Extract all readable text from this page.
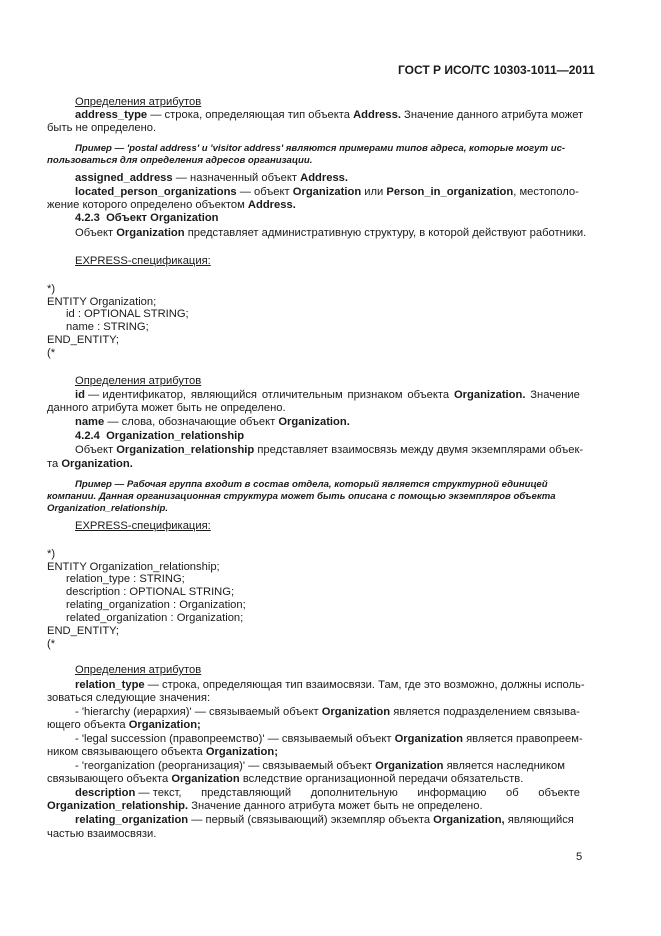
ГОСТ Р ИСО/ТС 10303-1011—2011
Определения атрибутов
address_type — строка, определяющая тип объекта Address. Значение данного атрибута может
быть не определено.
Пример — 'postal address' и 'visitor address' являются примерами типов адреса, которые могут ис-
пользоваться для определения адресов организации.
assigned_address — назначенный объект Address.
located_person_organizations — объект Organization или Person_in_organization, местополо-
жение которого определено объектом Address.
4.2.3 Объект Organization
Объект Organization представляет административную структуру, в которой действуют работники.
EXPRESS-спецификация:
*)
ENTITY Organization;
id : OPTIONAL STRING;
name : STRING;
END_ENTITY;
(*
Определения атрибутов
id — идентификатор, являющийся отличительным признаком объекта Organization. Значение
данного атрибута может быть не определено.
name — слова, обозначающие объект Organization.
4.2.4 Organization_relationship
Объект Organization_relationship представляет взаимосвязь между двумя экземплярами объек-
та Organization.
Пример — Рабочая группа входит в состав отдела, который является структурной единицей
компании. Данная организационная структура может быть описана с помощью экземпляров объекта
Organization_relationship.
EXPRESS-спецификация:
*)
ENTITY Organization_relationship;
relation_type : STRING;
description : OPTIONAL STRING;
relating_organization : Organization;
related_organization : Organization;
END_ENTITY;
(*
Определения атрибутов
relation_type — строка, определяющая тип взаимосвязи. Там, где это возможно, должны исполь-
зоваться следующие значения:
- 'hierarchy (иерархия)' — связываемый объект Organization является подразделением связыва-
ющего объекта Organization;
- 'legal succession (правопреемство)' — связываемый объект Organization является правопреем-
ником связывающего объекта Organization;
- 'reorganization (реорганизация)' — связываемый объект Organization является наследником
связывающего объекта Organization вследствие организационной передачи обязательств.
description — текст, представляющий дополнительную информацию об объекте
Organization_relationship. Значение данного атрибута может быть не определено.
relating_organization — первый (связывающий) экземпляр объекта Organization, являющийся
частью взаимосвязи.
5
